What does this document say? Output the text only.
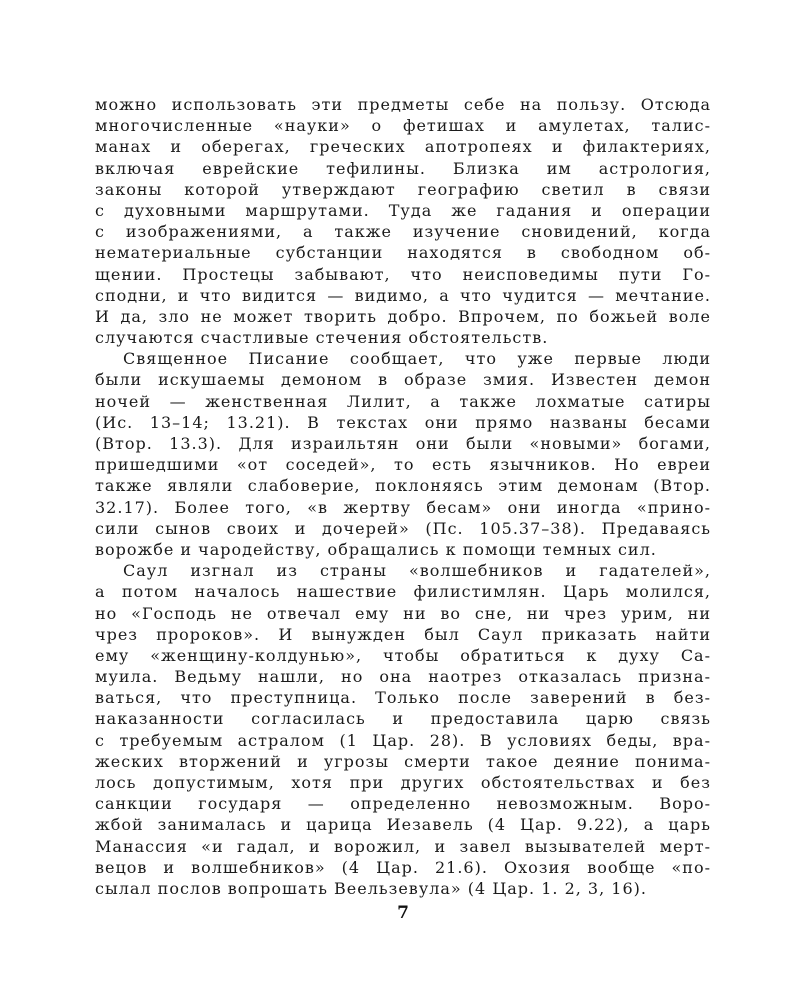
можно использовать эти предметы себе на пользу. Отсюда
многочисленные «науки» о фетишах и амулетах, талис-
манах и оберегах, греческих апотропеях и филактериях,
включая еврейские тефилины. Близка им астрология,
законы которой утверждают географию светил в связи
с духовными маршрутами. Туда же гадания и операции
с изображениями, а также изучение сновидений, когда
нематериальные субстанции находятся в свободном об-
щении. Простецы забывают, что неисповедимы пути Го-
сподни, и что видится — видимо, а что чудится — мечтание.
И да, зло не может творить добро. Впрочем, по божьей воле
случаются счастливые стечения обстоятельств.
Священное Писание сообщает, что уже первые люди
были искушаемы демоном в образе змия. Известен демон
ночей — женственная Лилит, а также лохматые сатиры
(Ис. 13–14; 13.21). В текстах они прямо названы бесами
(Втор. 13.3). Для израильтян они были «новыми» богами,
пришедшими «от соседей», то есть язычников. Но евреи
также являли слабоверие, поклоняясь этим демонам (Втор.
32.17). Более того, «в жертву бесам» они иногда «прино-
сили сынов своих и дочерей» (Пс. 105.37–38). Предаваясь
ворожбе и чародейству, обращались к помощи темных сил.
Саул изгнал из страны «волшебников и гадателей»,
а потом началось нашествие филистимлян. Царь молился,
но «Господь не отвечал ему ни во сне, ни чрез урим, ни
чрез пророков». И вынужден был Саул приказать найти
ему «женщину-колдунью», чтобы обратиться к духу Са-
муила. Ведьму нашли, но она наотрез отказалась призна-
ваться, что преступница. Только после заверений в без-
наказанности согласилась и предоставила царю связь
с требуемым астралом (1 Цар. 28). В условиях беды, вра-
жеских вторжений и угрозы смерти такое деяние понима-
лось допустимым, хотя при других обстоятельствах и без
санкции государя — определенно невозможным. Воро-
жбой занималась и царица Иезавель (4 Цар. 9.22), а царь
Манассия «и гадал, и ворожил, и завел вызывателей мерт-
вецов и волшебников» (4 Цар. 21.6). Охозия вообще «по-
сылал послов вопрошать Веельзевула» (4 Цар. 1. 2, 3, 16).
7
